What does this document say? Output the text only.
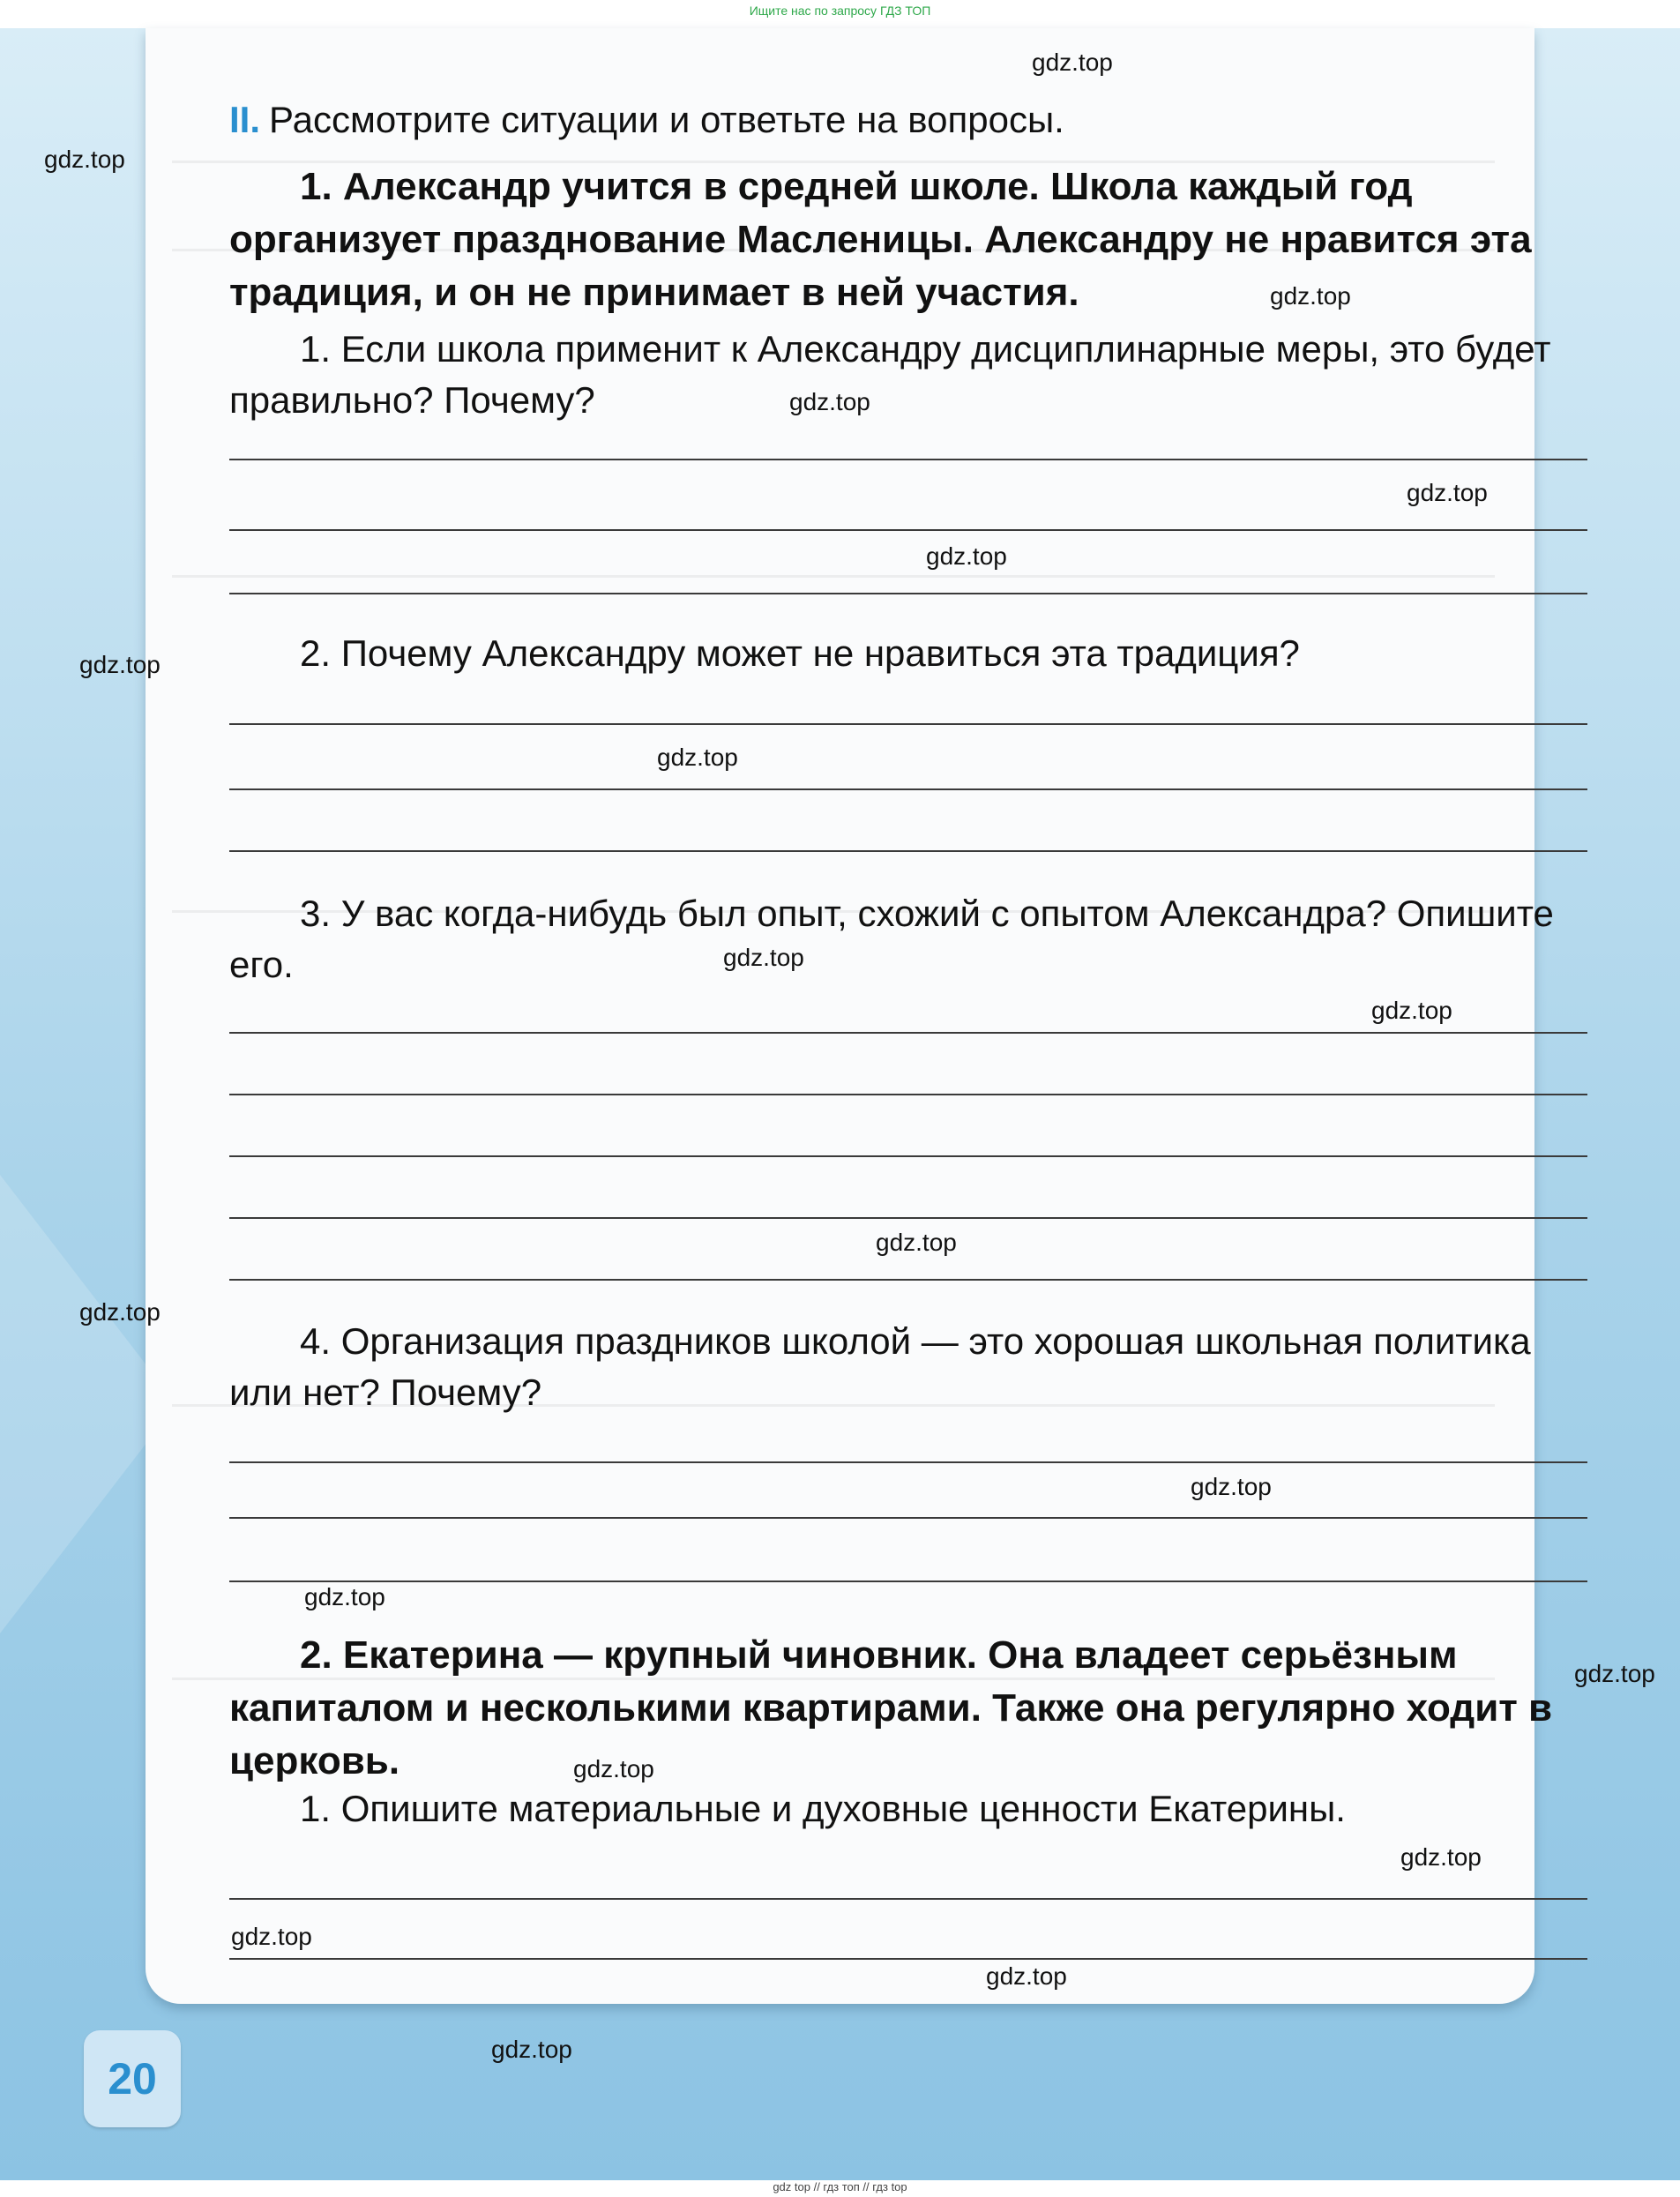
Ищите нас по запросу ГДЗ ТОП
II. Рассмотрите ситуации и ответьте на вопросы.
1. Александр учится в средней школе. Школа каждый год организует празднование Масленицы. Александру не нравится эта традиция, и он не принимает в ней участия.
1. Если школа применит к Александру дисциплинарные меры, это будет правильно? Почему?
2. Почему Александру может не нравиться эта традиция?
3. У вас когда-нибудь был опыт, схожий с опытом Александра? Опишите его.
4. Организация праздников школой — это хорошая школьная политика или нет? Почему?
2. Екатерина — крупный чиновник. Она владеет серьёзным капиталом и несколькими квартирами. Также она регулярно ходит в церковь.
1. Опишите материальные и духовные ценности Екатерины.
20
gdz.top
gdz.top
gdz.top
gdz.top
gdz.top
gdz.top
gdz.top
gdz.top
gdz.top
gdz.top
gdz.top
gdz.top
gdz.top
gdz.top
gdz.top
gdz.top
gdz.top
gdz.top
gdz.top
gdz.top
gdz top // гдз топ // гдз top
